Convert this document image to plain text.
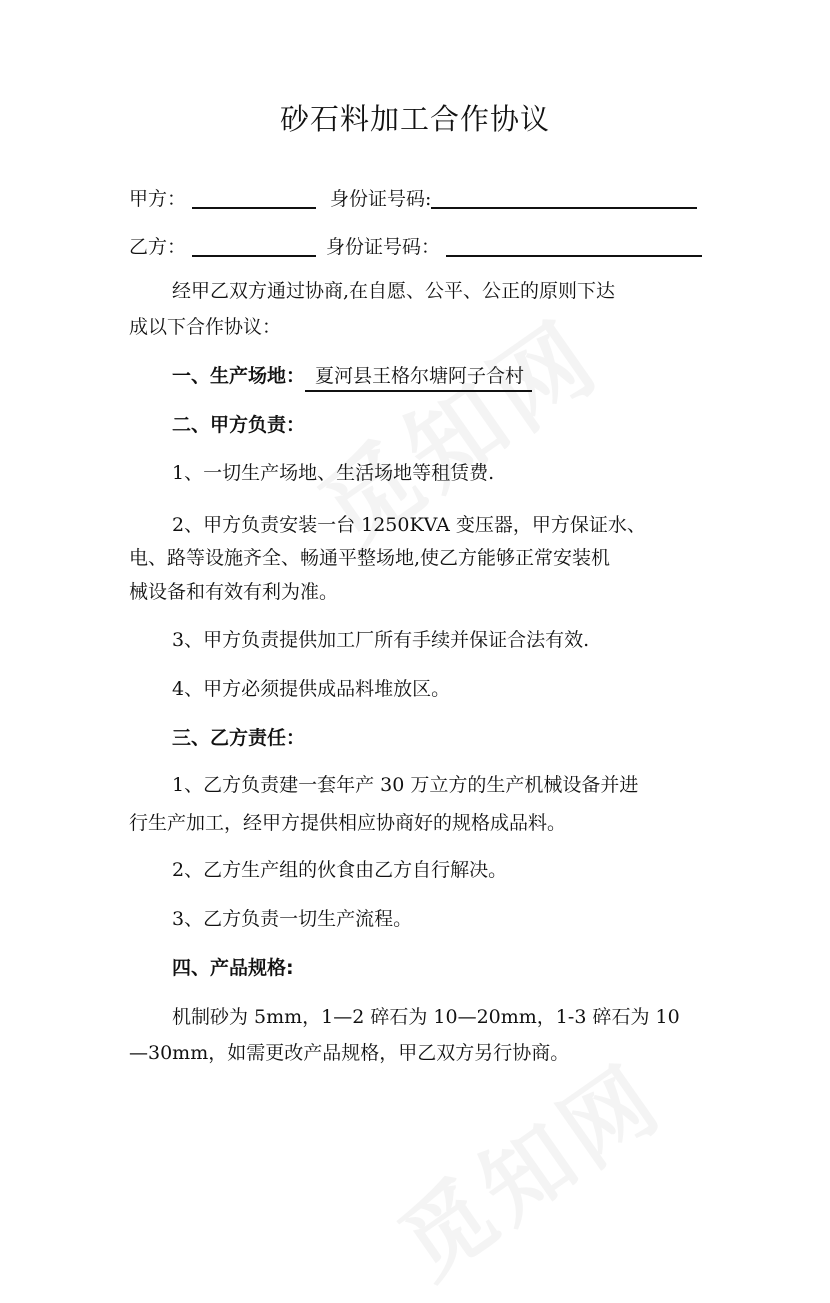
砂石料加工合作协议
甲方：	身份证号码:
乙方：	身份证号码：
经甲乙双方通过协商,在自愿、公平、公正的原则下达
成以下合作协议：
一、生产场地： 夏河县王格尔塘阿子合村
二、甲方负责：
1、一切生产场地、生活场地等租赁费.
2、甲方负责安装一台 1250KVA 变压器，甲方保证水、
电、路等设施齐全、畅通平整场地,使乙方能够正常安装机
械设备和有效有利为准。
3、甲方负责提供加工厂所有手续并保证合法有效.
4、甲方必须提供成品料堆放区。
三、乙方责任：
1、乙方负责建一套年产 30 万立方的生产机械设备并进
行生产加工，经甲方提供相应协商好的规格成品料。
2、乙方生产组的伙食由乙方自行解决。
3、乙方负责一切生产流程。
四、产品规格:
机制砂为 5mm，1—2 碎石为 10—20mm，1-3 碎石为 10
—30mm，如需更改产品规格，甲乙双方另行协商。
